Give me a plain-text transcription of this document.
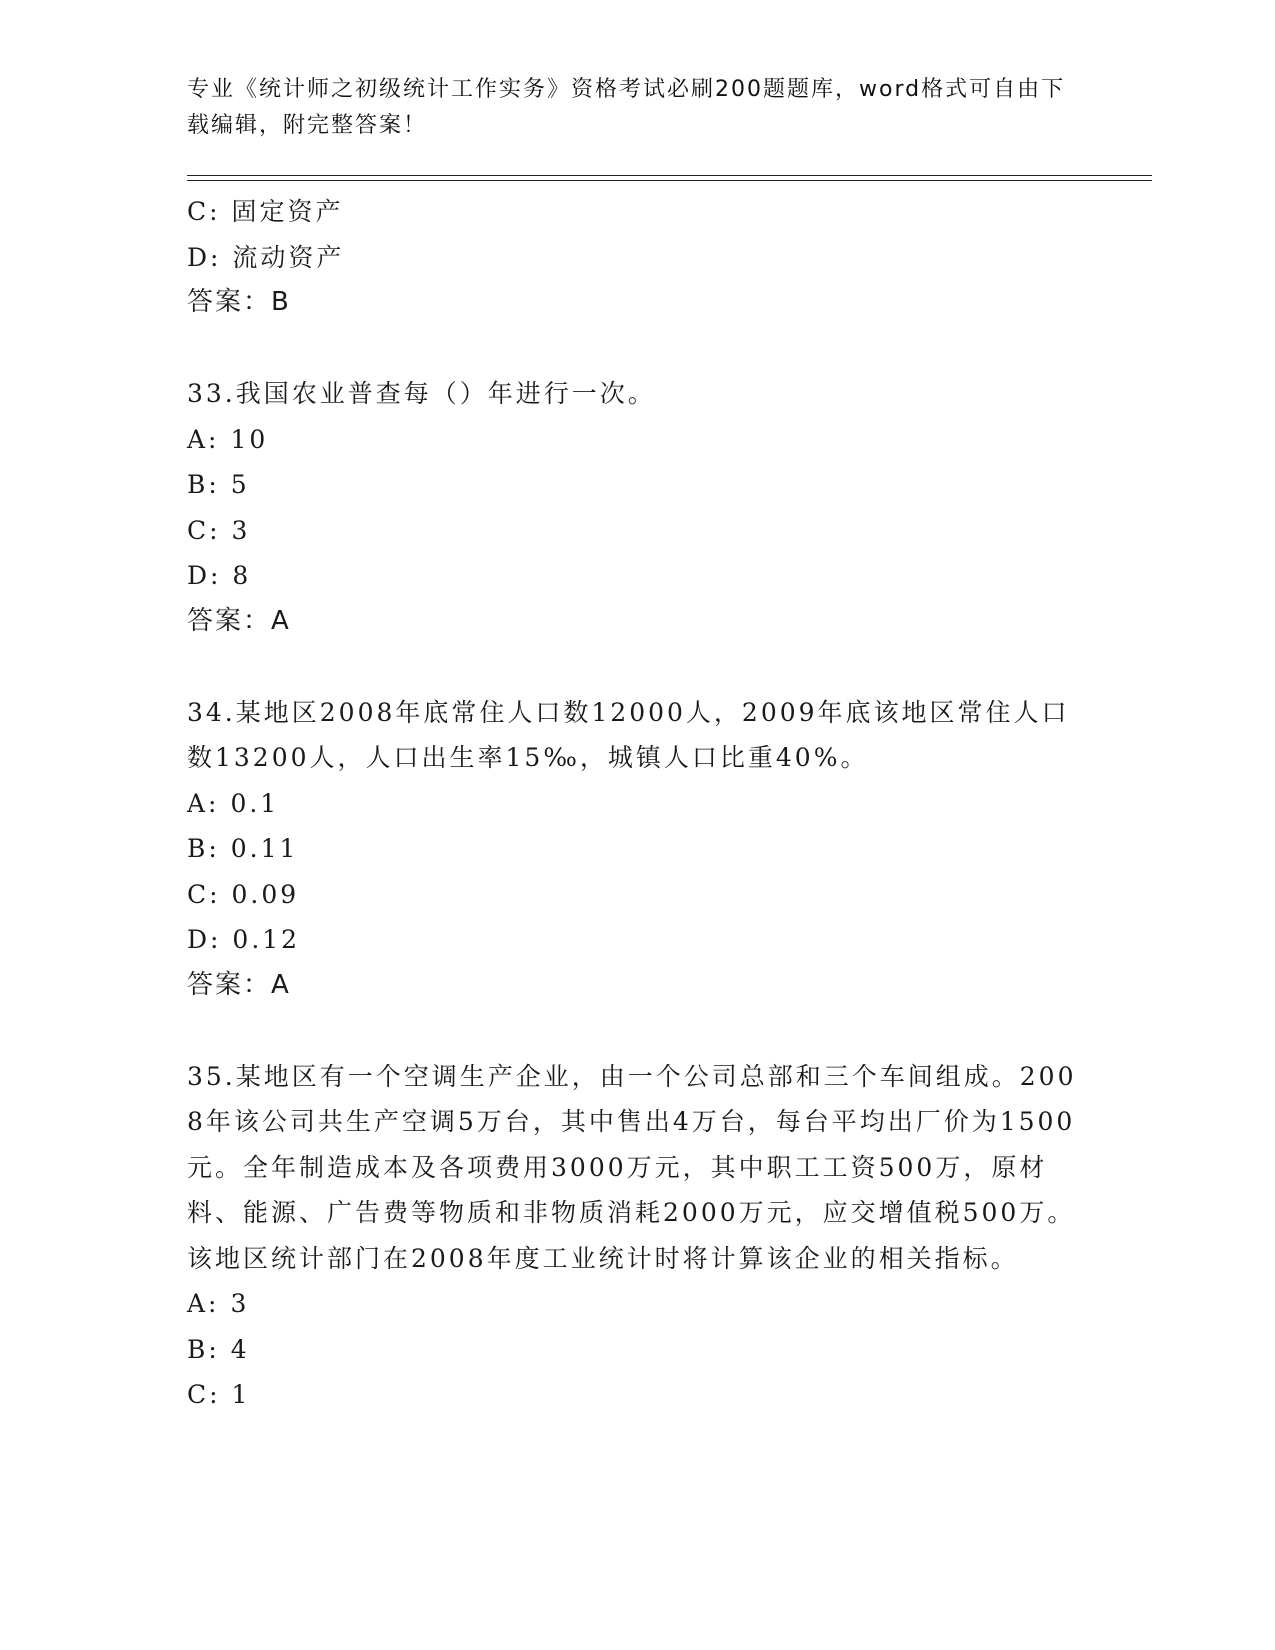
专业《统计师之初级统计工作实务》资格考试必刷200题题库，word格式可自由下载编辑，附完整答案！
C: 固定资产
D: 流动资产
答案：B
33.我国农业普查每（）年进行一次。
A: 10
B: 5
C: 3
D: 8
答案：A
34.某地区2008年底常住人口数12000人，2009年底该地区常住人口数13200人，人口出生率15‰，城镇人口比重40%。
A: 0.1
B: 0.11
C: 0.09
D: 0.12
答案：A
35.某地区有一个空调生产企业，由一个公司总部和三个车间组成。2008年该公司共生产空调5万台，其中售出4万台，每台平均出厂价为1500元。全年制造成本及各项费用3000万元，其中职工工资500万，原材料、能源、广告费等物质和非物质消耗2000万元，应交增值税500万。该地区统计部门在2008年度工业统计时将计算该企业的相关指标。
A: 3
B: 4
C: 1
